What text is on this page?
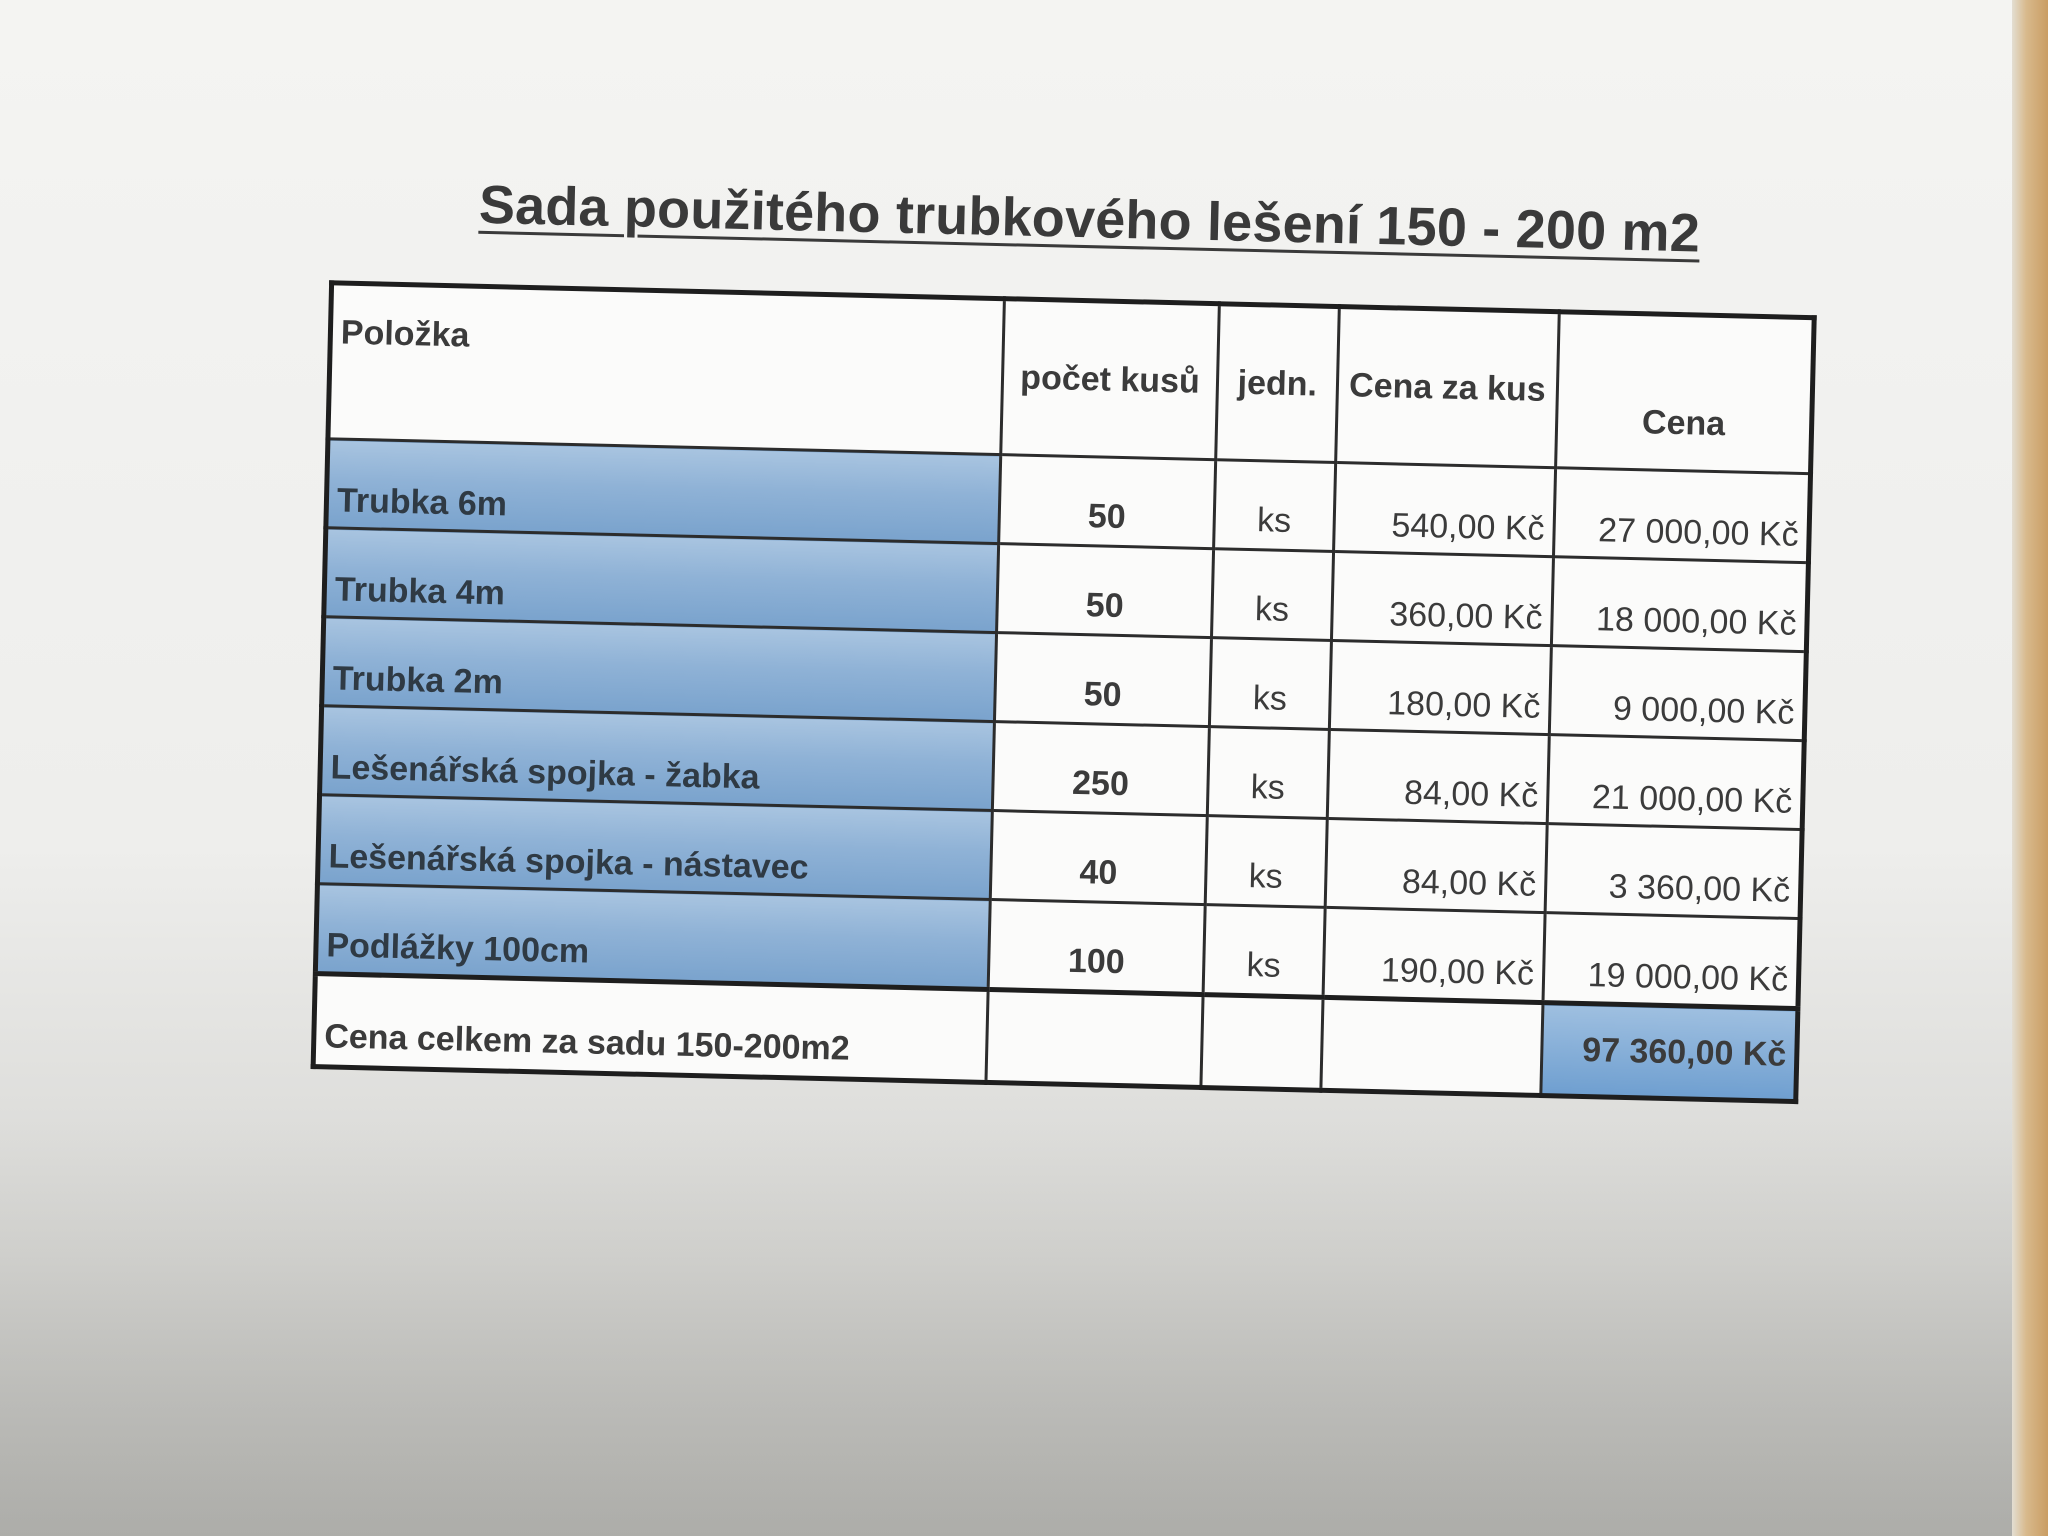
Sada použitého trubkového lešení 150 - 200 m2
Položka	počet kusů	jedn.	Cena za kus	Cena
Trubka 6m	50	ks	540,00 Kč	27 000,00 Kč
Trubka 4m	50	ks	360,00 Kč	18 000,00 Kč
Trubka 2m	50	ks	180,00 Kč	9 000,00 Kč
Lešenářská spojka - žabka	250	ks	84,00 Kč	21 000,00 Kč
Lešenářská spojka - nástavec	40	ks	84,00 Kč	3 360,00 Kč
Podlážky 100cm	100	ks	190,00 Kč	19 000,00 Kč
Cena celkem za sadu 150-200m2				97 360,00 Kč
